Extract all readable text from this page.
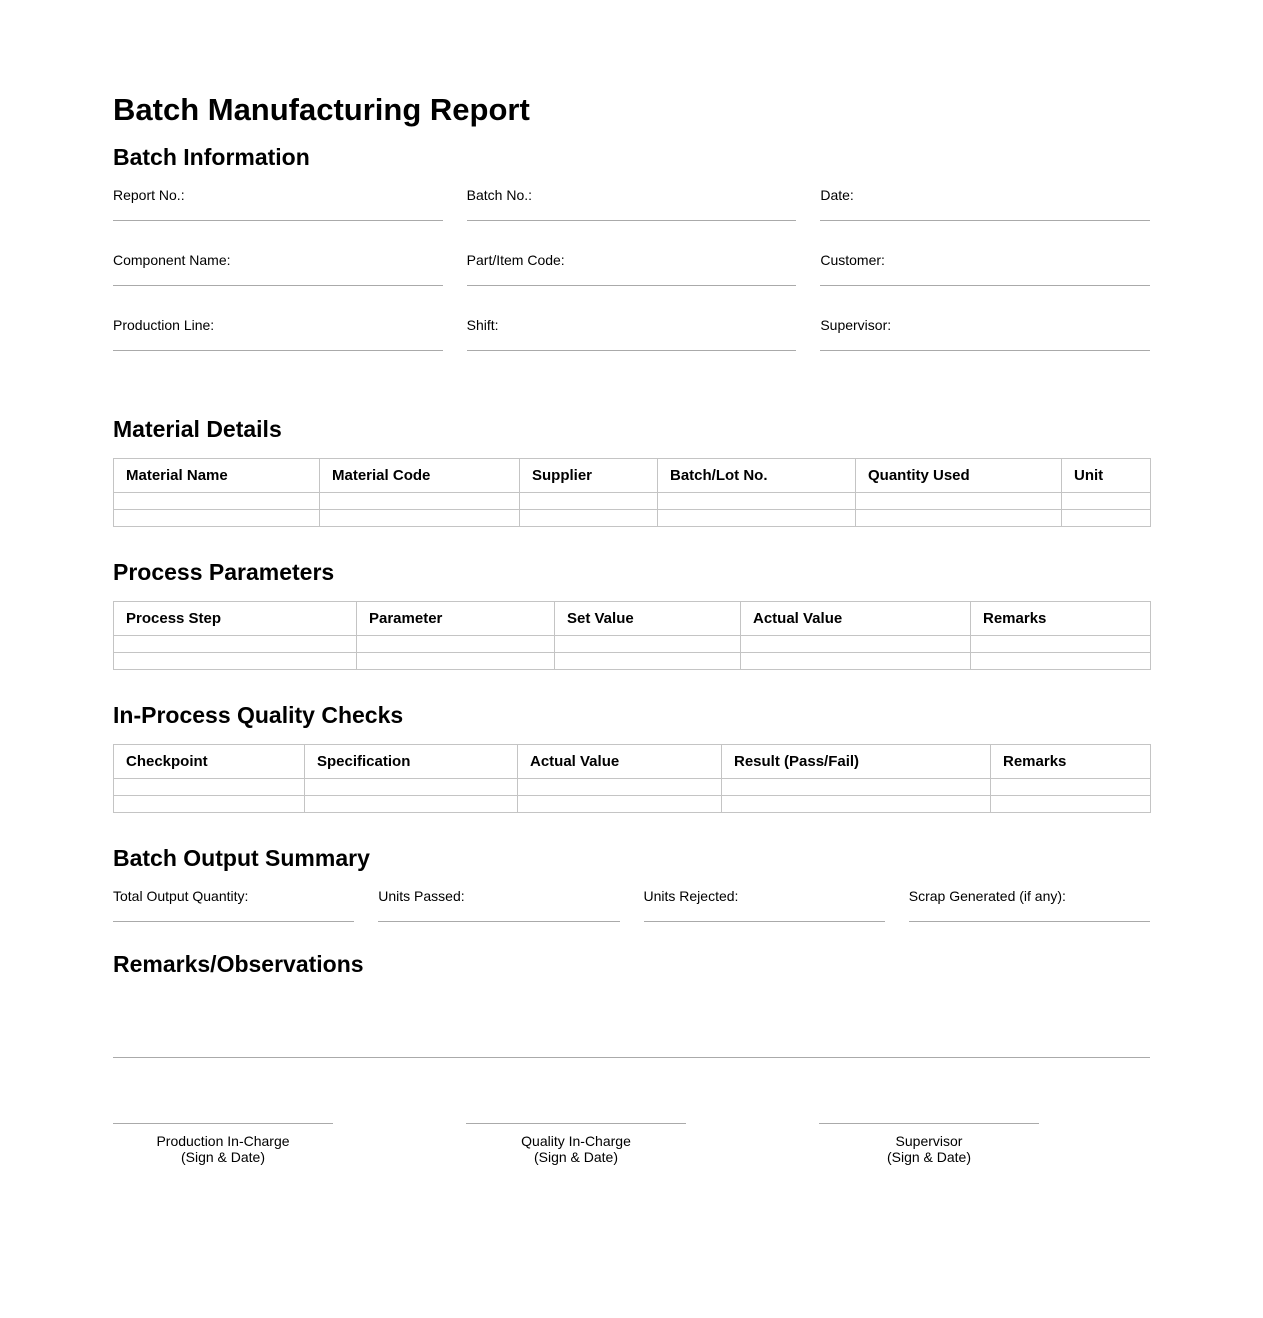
Batch Manufacturing Report
Batch Information
Report No.:	Batch No.:	Date:
Component Name:	Part/Item Code:	Customer:
Production Line:	Shift:	Supervisor:
Material Details
Material Name	Material Code	Supplier	Batch/Lot No.	Quantity Used	Unit

Process Parameters
Process Step	Parameter	Set Value	Actual Value	Remarks

In-Process Quality Checks
Checkpoint	Specification	Actual Value	Result (Pass/Fail)	Remarks

Batch Output Summary
Total Output Quantity:	Units Passed:	Units Rejected:	Scrap Generated (if any):
Remarks/Observations
Production In-Charge
(Sign & Date)
Quality In-Charge
(Sign & Date)
Supervisor
(Sign & Date)
